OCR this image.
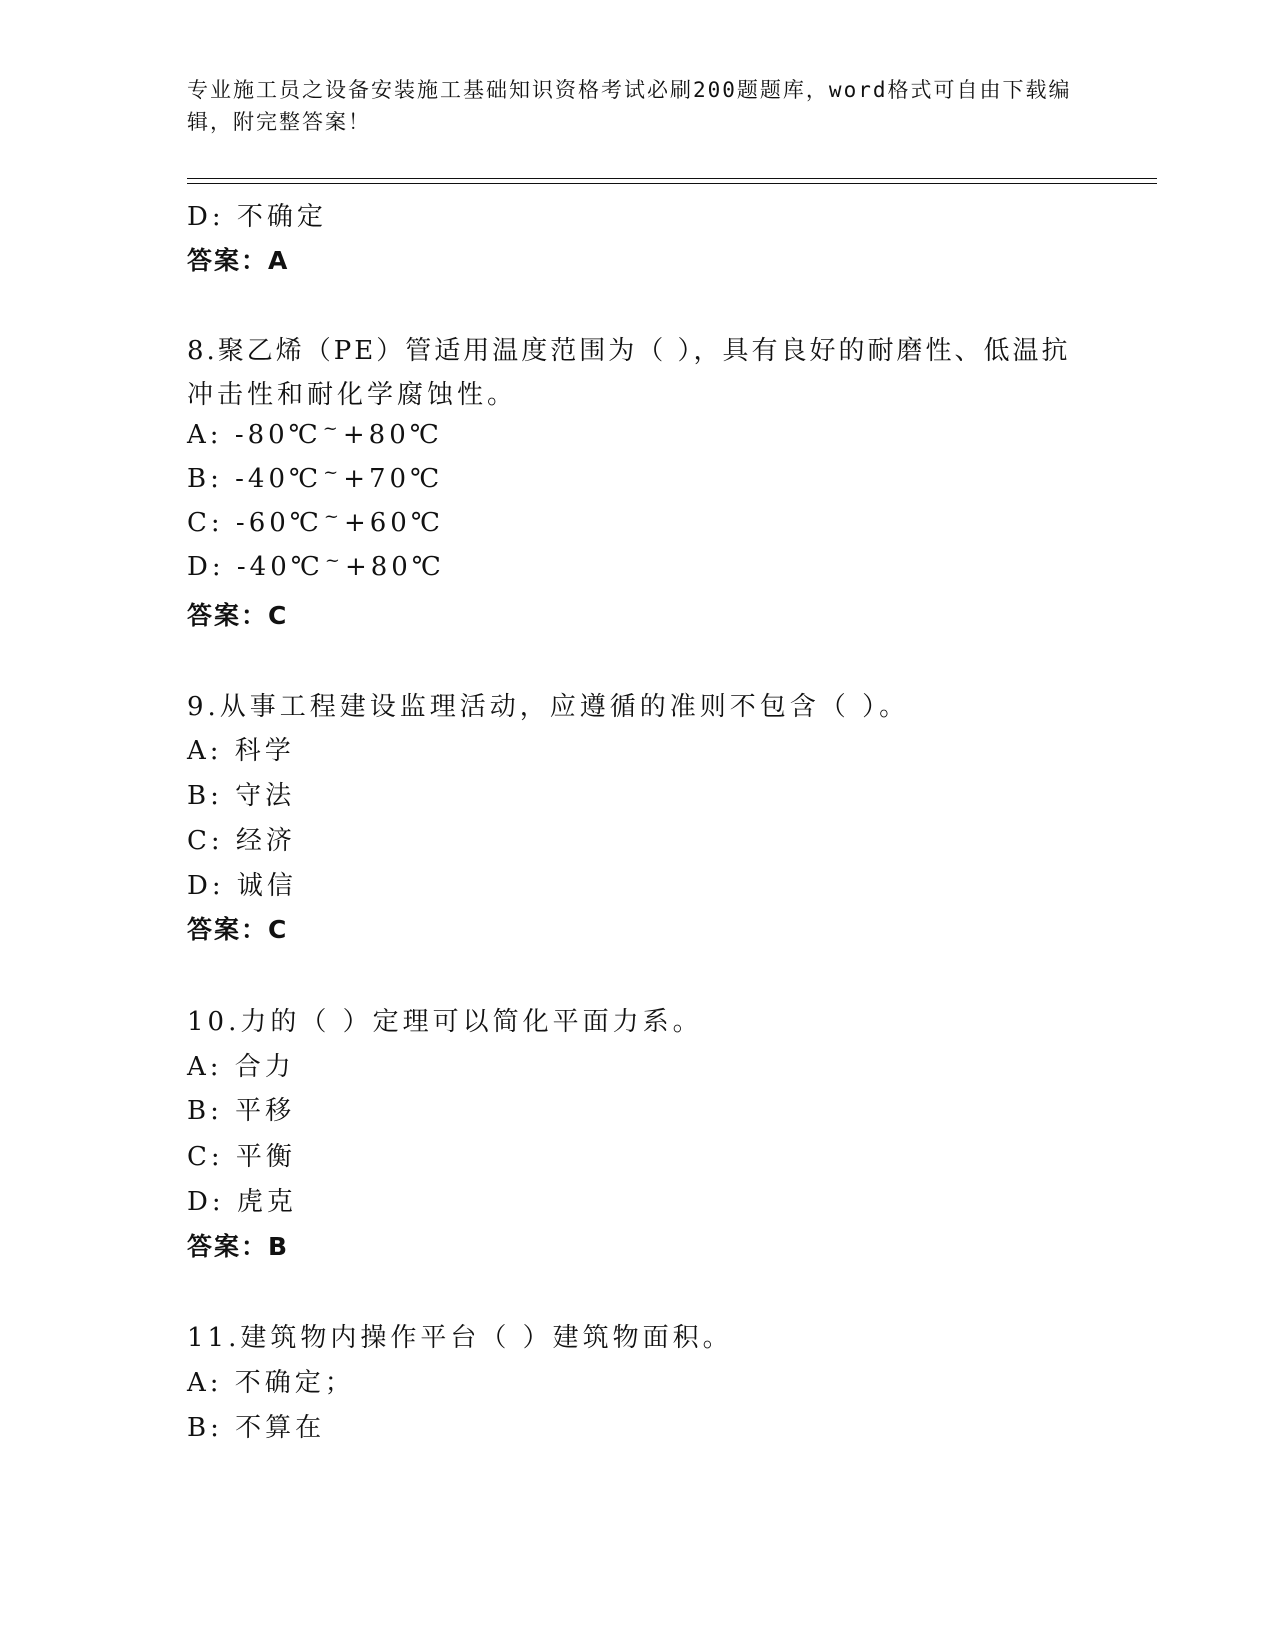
专业施工员之设备安装施工基础知识资格考试必刷200题题库，word格式可自由下载编辑，附完整答案！
D: 不确定
答案：A
8.聚乙烯（PE）管适用温度范围为（ ），具有良好的耐磨性、低温抗
冲击性和耐化学腐蚀性。
A: -80℃~+80℃
B: -40℃~+70℃
C: -60℃~+60℃
D: -40℃~+80℃
答案：C
9.从事工程建设监理活动，应遵循的准则不包含（ ）。
A: 科学
B: 守法
C: 经济
D: 诚信
答案：C
10.力的（ ）定理可以简化平面力系。
A: 合力
B: 平移
C: 平衡
D: 虎克
答案：B
11.建筑物内操作平台（ ）建筑物面积。
A: 不确定；
B: 不算在
